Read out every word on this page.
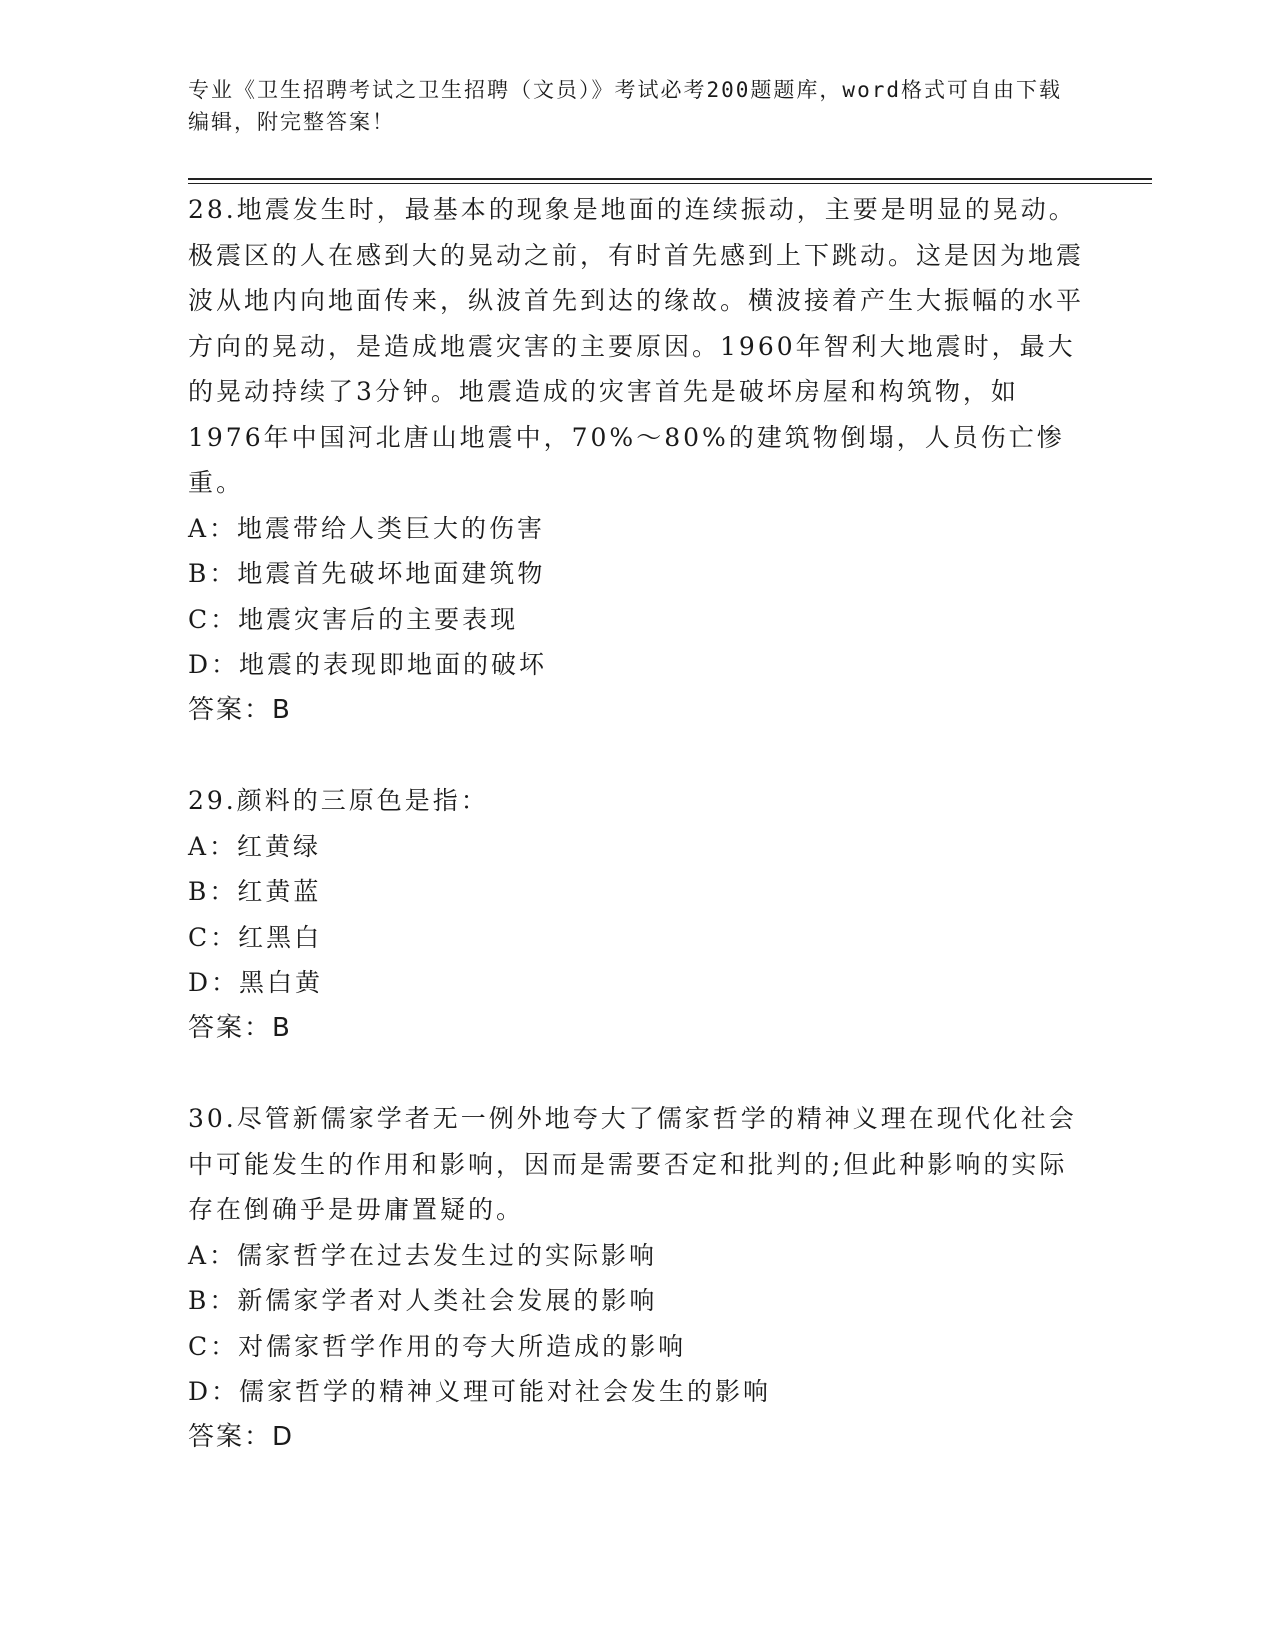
专业《卫生招聘考试之卫生招聘（文员）》考试必考200题题库，word格式可自由下载编辑，附完整答案！

28.地震发生时，最基本的现象是地面的连续振动，主要是明显的晃动。极震区的人在感到大的晃动之前，有时首先感到上下跳动。这是因为地震波从地内向地面传来，纵波首先到达的缘故。横波接着产生大振幅的水平方向的晃动，是造成地震灾害的主要原因。1960年智利大地震时，最大的晃动持续了3分钟。地震造成的灾害首先是破坏房屋和构筑物，如1976年中国河北唐山地震中，70%～80%的建筑物倒塌，人员伤亡惨重。

A：地震带给人类巨大的伤害

B：地震首先破坏地面建筑物

C：地震灾害后的主要表现

D：地震的表现即地面的破坏

答案：B

29.颜料的三原色是指：

A：红黄绿

B：红黄蓝

C：红黑白

D：黑白黄

答案：B

30.尽管新儒家学者无一例外地夸大了儒家哲学的精神义理在现代化社会中可能发生的作用和影响，因而是需要否定和批判的;但此种影响的实际存在倒确乎是毋庸置疑的。

A：儒家哲学在过去发生过的实际影响

B：新儒家学者对人类社会发展的影响

C：对儒家哲学作用的夸大所造成的影响

D：儒家哲学的精神义理可能对社会发生的影响

答案：D
